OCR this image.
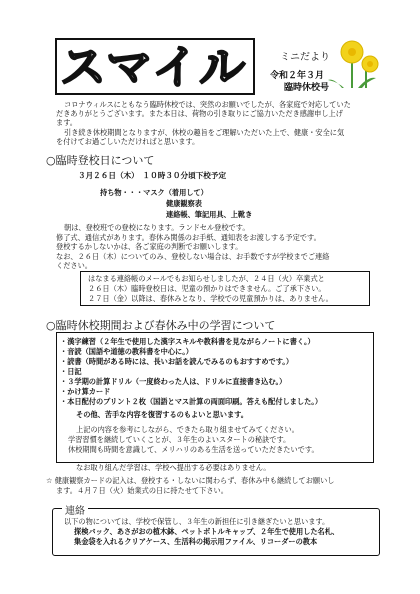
スマイル	ミニだより
令和２年３月
臨時休校号
コロナウィルスにともなう臨時休校では、突然のお願いでしたが、各家庭で対応していた
だきありがとうございます。また本日は、荷物の引き取りにご協力いただき感謝申し上げ
ます。
引き続き休校期間となりますが、休校の趣旨をご理解いただいた上で、健康・安全に気
を付けてお過ごしいただければと思います。
○臨時登校日について
３月２６日（木）　１０時３０分頃下校予定
持ち物・・・マスク（着用して）
健康観察表
連絡帳、筆記用具、上靴き
朝は、登校班での登校になります。ランドセル登校です。
修了式、通信式があります。春休み関係のお手紙、通知表をお渡しする予定です。
登校するかしないかは、各ご家庭の判断でお願いします。
なお、２６日（木）についてのみ、登校しない場合は、お手数ですが学校までご連絡
ください。
はなまる連絡帳のメールでもお知らせしましたが、２４日（火）卒業式と
２６日（木）臨時登校日は、児童の預かりはできません。ご了承下さい。
２７日（金）以降は、春休みとなり、学校での児童預かりは、ありません。
○臨時休校期間および春休み中の学習について
・漢字練習（２年生で使用した漢字スキルや教科書を見ながらノートに書く。）
・音読（国語や道徳の教科書を中心に。）
・読書（時間がある時には、長いお話を読んでみるのもおすすめです。）
・日記
・３学期の計算ドリル（一度終わった人は、ドリルに直接書き込む。）
・かけ算カード
・本日配付のプリント２枚（国語とマス計算の両面印刷。答えも配付しました。）
その他、苦手な内容を復習するのもよいと思います。
上記の内容を参考にしながら、できたら取り組ませてみてください。
学習習慣を継続していくことが、３年生のよいスタートの秘訣です。
休校期間も時間を意識して、メリハリのある生活を送っていただきたいです。
なお取り組んだ学習は、学校へ提出する必要はありません。
☆ 健康観察カードの記入は、登校する・しないに関わらず、春休み中も継続してお願いし
ます。４月７日（火）始業式の日に持たせて下さい。
連絡
以下の物については、学校で保管し、３年生の新担任に引き継ぎたいと思います。
探検バック、あさがおの植木鉢、ペットボトルキャップ、２年生で使用した名札、
集金袋を入れるクリアケース、生活科の掲示用ファイル、リコーダーの教本
